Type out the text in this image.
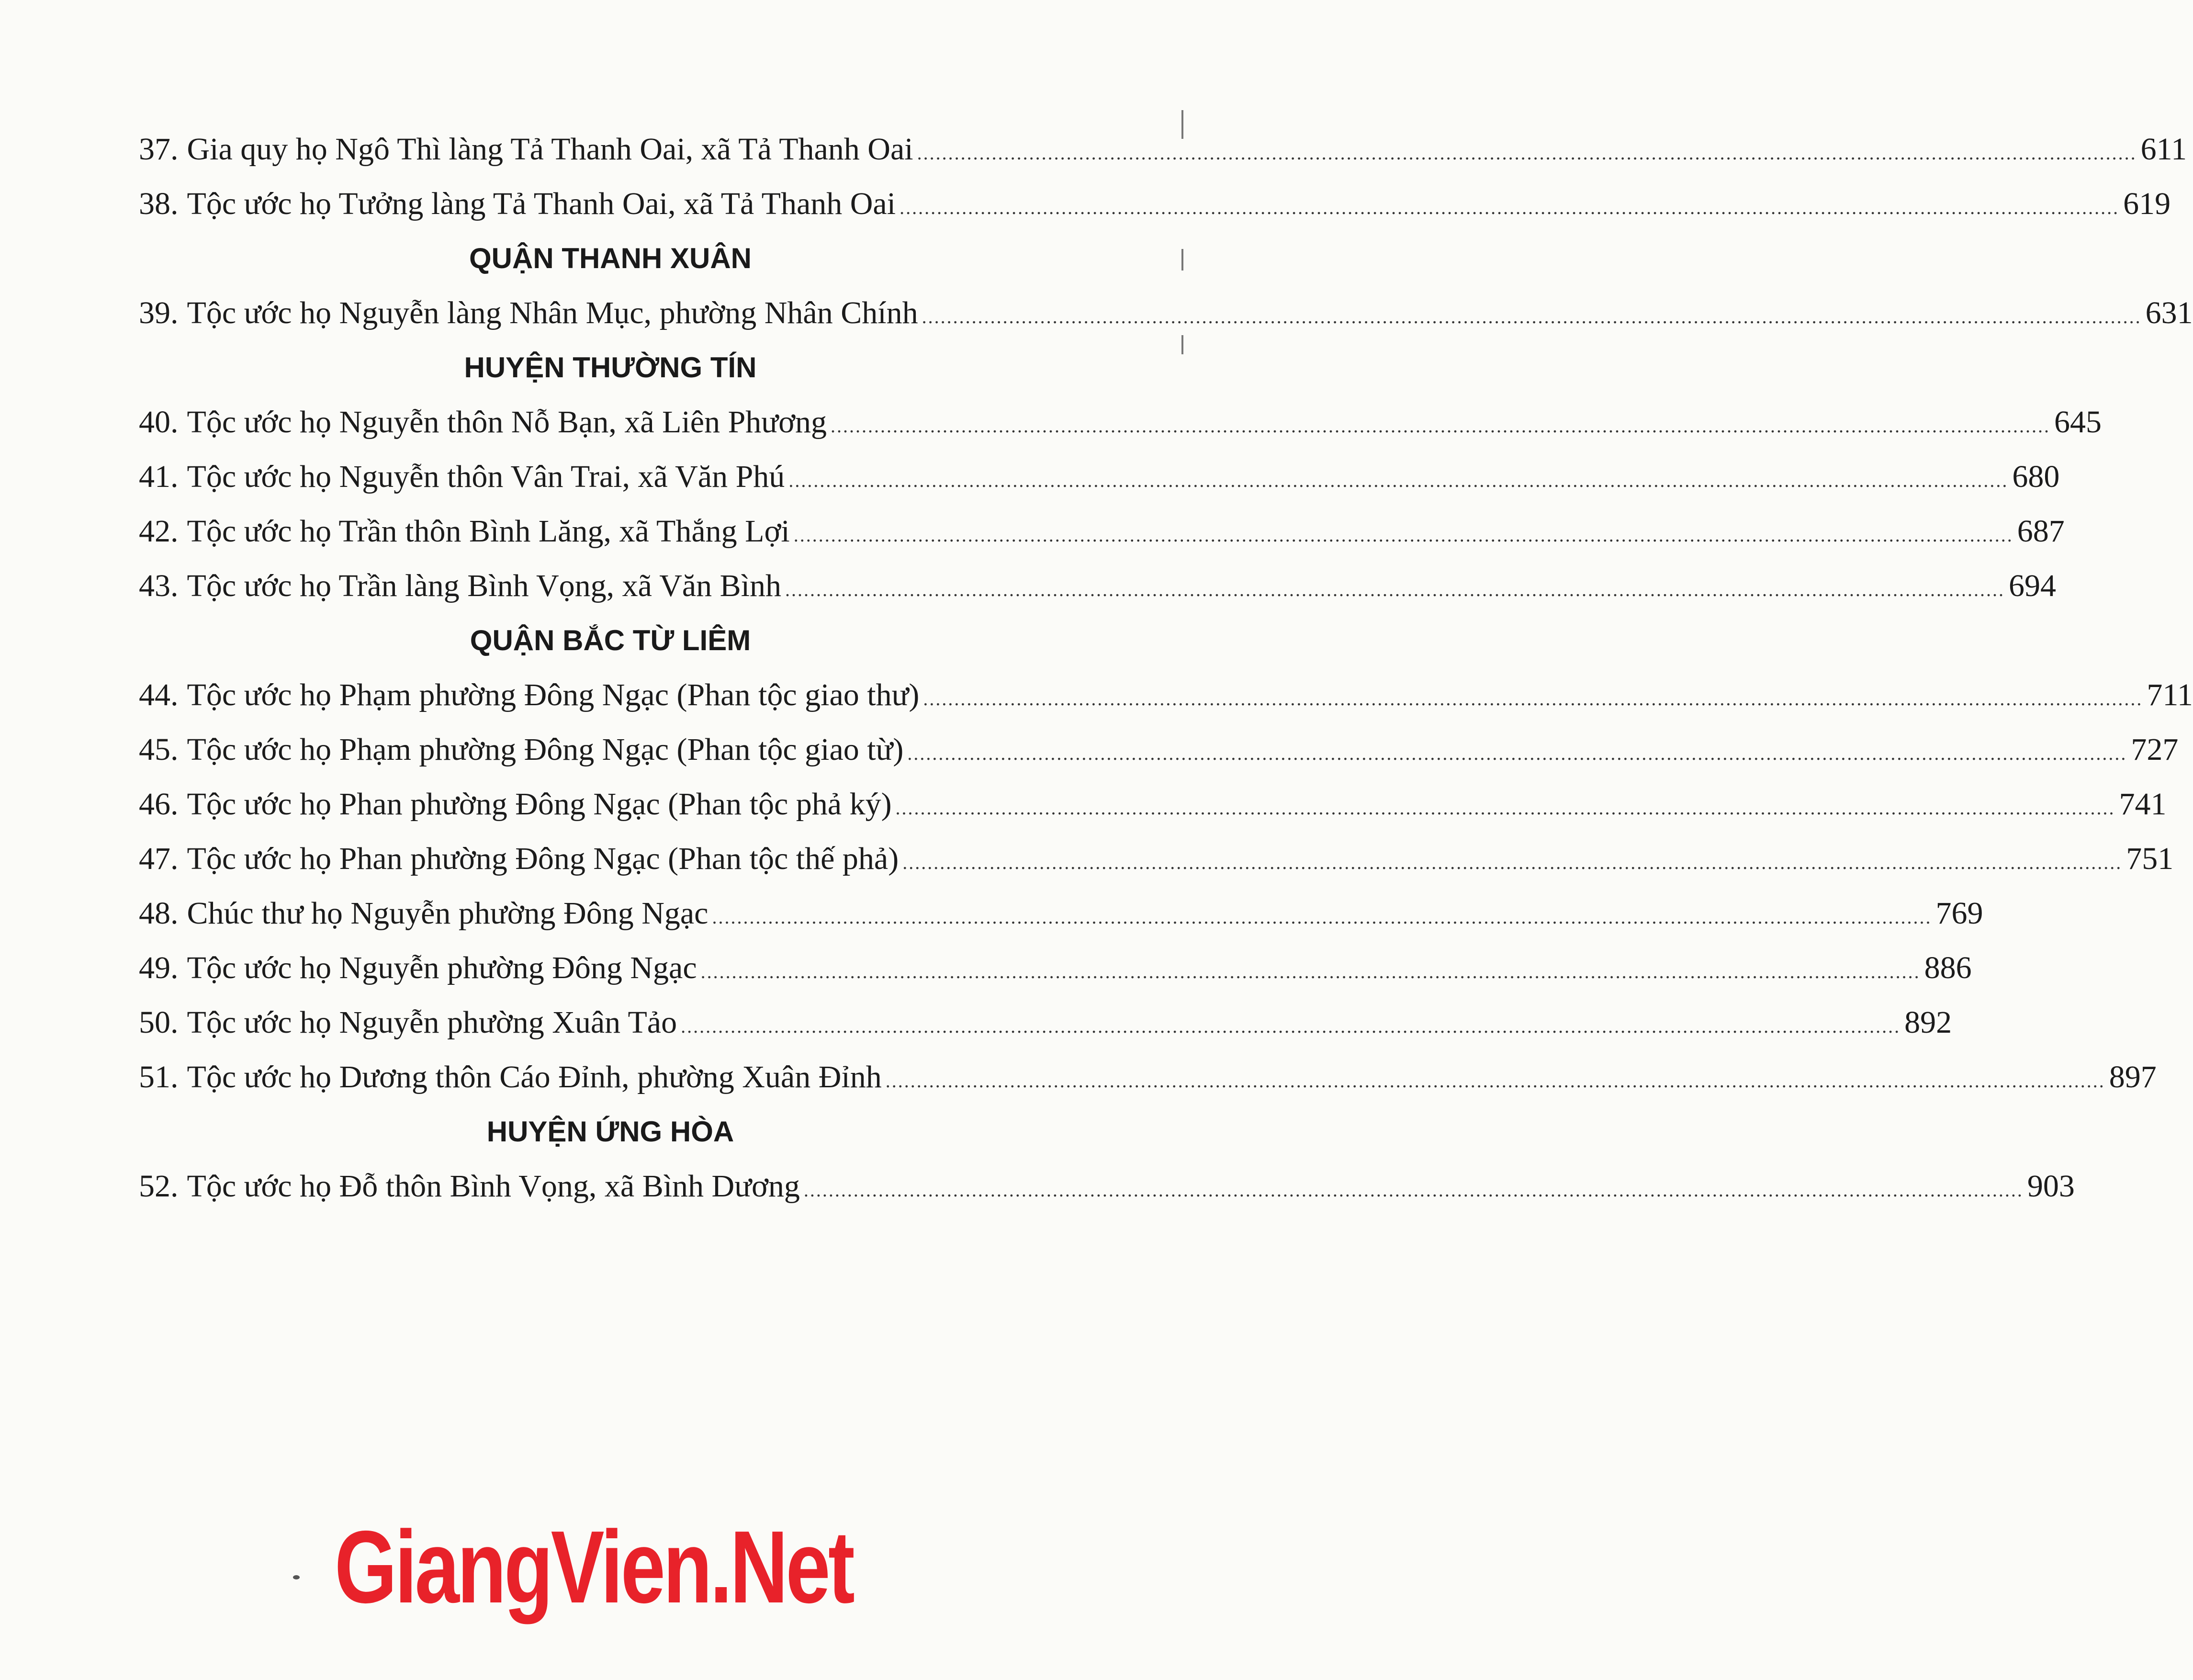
37. Gia quy họ Ngô Thì làng Tả Thanh Oai, xã Tả Thanh Oai .....	611
38. Tộc ước họ Tưởng làng Tả Thanh Oai, xã Tả Thanh Oai .....	619
QUẬN THANH XUÂN
39. Tộc ước họ Nguyễn làng Nhân Mục, phường Nhân Chính .....	631
HUYỆN THƯỜNG TÍN
40. Tộc ước họ Nguyễn thôn Nỗ Bạn, xã Liên Phương .....	645
41. Tộc ước họ Nguyễn thôn Vân Trai, xã Văn Phú .....	680
42. Tộc ước họ Trần thôn Bình Lăng, xã Thắng Lợi .....	687
43. Tộc ước họ Trần làng Bình Vọng, xã Văn Bình .....	694
QUẬN BẮC TỪ LIÊM
44. Tộc ước họ Phạm phường Đông Ngạc (Phan tộc giao thư) .....	711
45. Tộc ước họ Phạm phường Đông Ngạc (Phan tộc giao từ) .....	727
46. Tộc ước họ Phan phường Đông Ngạc (Phan tộc phả ký) .....	741
47. Tộc ước họ Phan phường Đông Ngạc (Phan tộc thế phả) .....	751
48. Chúc thư họ Nguyễn phường Đông Ngạc .....	769
49. Tộc ước họ Nguyễn phường Đông Ngạc .....	886
50. Tộc ước họ Nguyễn phường Xuân Tảo .....	892
51. Tộc ước họ Dương thôn Cáo Đỉnh, phường Xuân Đỉnh .....	897
HUYỆN ỨNG HÒA
52. Tộc ước họ Đỗ thôn Bình Vọng, xã Bình Dương .....	903
GiangVien.Net
